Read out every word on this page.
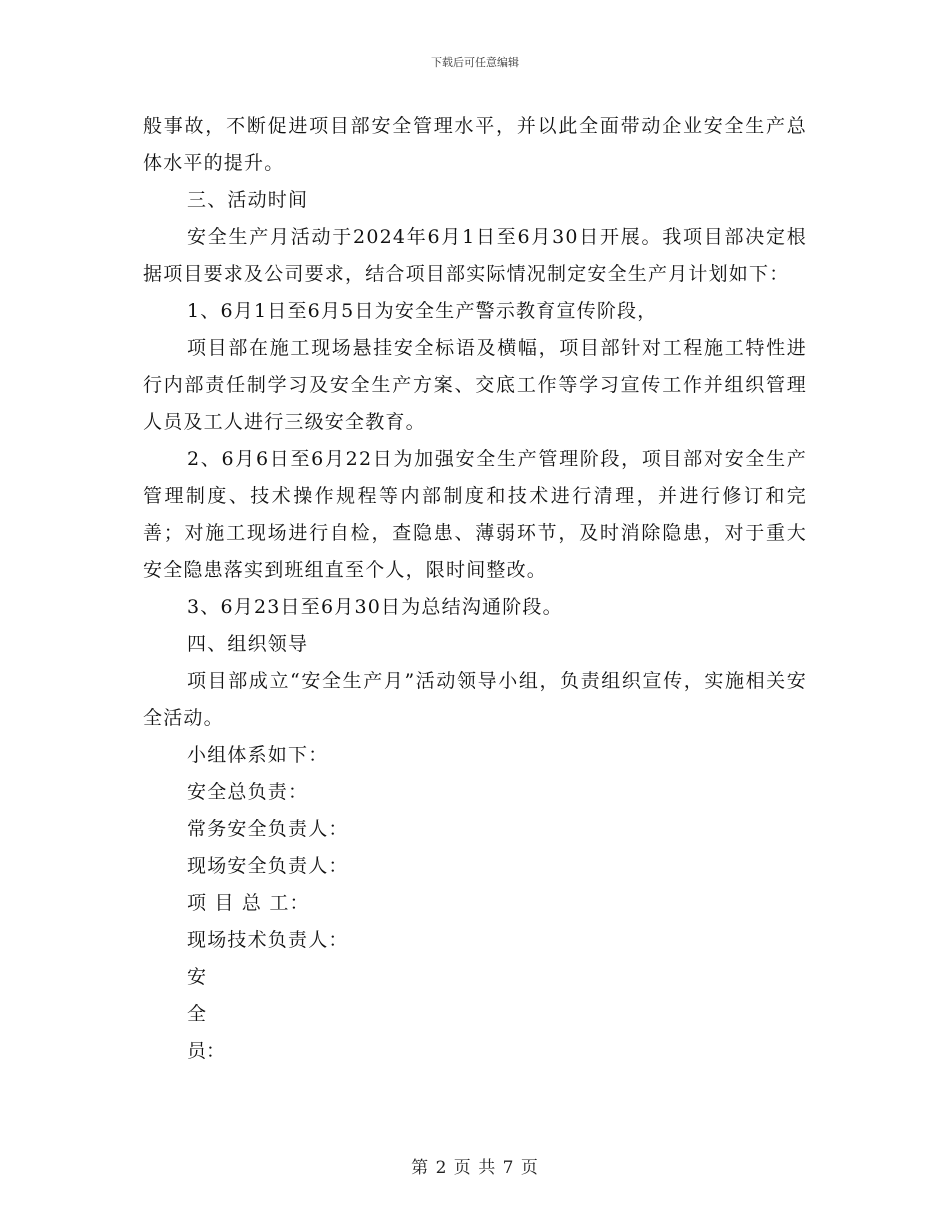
下载后可任意编辑

般事故，不断促进项目部安全管理水平，并以此全面带动企业安全生产总体水平的提升。

三、活动时间

安全生产月活动于2024年6月1日至6月30日开展。我项目部决定根据项目要求及公司要求，结合项目部实际情况制定安全生产月计划如下：

1、6月1日至6月5日为安全生产警示教育宣传阶段，

项目部在施工现场悬挂安全标语及横幅，项目部针对工程施工特性进行内部责任制学习及安全生产方案、交底工作等学习宣传工作并组织管理人员及工人进行三级安全教育。

2、6月6日至6月22日为加强安全生产管理阶段，项目部对安全生产管理制度、技术操作规程等内部制度和技术进行清理，并进行修订和完善；对施工现场进行自检，查隐患、薄弱环节，及时消除隐患，对于重大安全隐患落实到班组直至个人，限时间整改。

3、6月23日至6月30日为总结沟通阶段。

四、组织领导

项目部成立“安全生产月”活动领导小组，负责组织宣传，实施相关安全活动。

小组体系如下：

安全总负责：

常务安全负责人：

现场安全负责人：

项 目 总 工：

现场技术负责人：

安

全

员：

第 2 页 共 7 页
